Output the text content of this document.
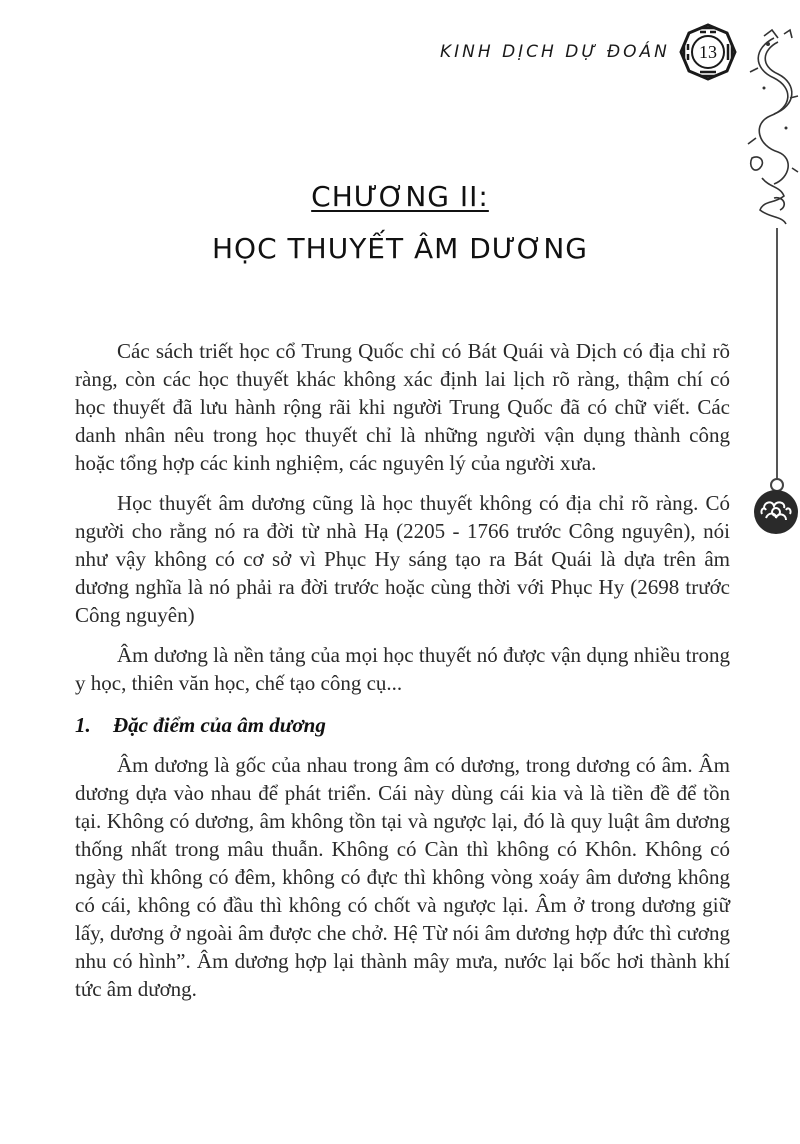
KINH DỊCH DỰ ĐOÁN	13
CHƯƠNG II:
HỌC THUYẾT ÂM DƯƠNG

Các sách triết học cổ Trung Quốc chỉ có Bát Quái và Dịch có địa chỉ rõ ràng, còn các học thuyết khác không xác định lai lịch rõ ràng, thậm chí có học thuyết đã lưu hành rộng rãi khi người Trung Quốc đã có chữ viết. Các danh nhân nêu trong học thuyết chỉ là những người vận dụng thành công hoặc tổng hợp các kinh nghiệm, các nguyên lý của người xưa.

Học thuyết âm dương cũng là học thuyết không có địa chỉ rõ ràng. Có người cho rằng nó ra đời từ nhà Hạ (2205 - 1766 trước Công nguyên), nói như vậy không có cơ sở vì Phục Hy sáng tạo ra Bát Quái là dựa trên âm dương nghĩa là nó phải ra đời trước hoặc cùng thời với Phục Hy (2698 trước Công nguyên)

Âm dương là nền tảng của mọi học thuyết nó được vận dụng nhiều trong y học, thiên văn học, chế tạo công cụ...

1. Đặc điểm của âm dương

Âm dương là gốc của nhau trong âm có dương, trong dương có âm. Âm dương dựa vào nhau để phát triển. Cái này dùng cái kia và là tiền đề để tồn tại. Không có dương, âm không tồn tại và ngược lại, đó là quy luật âm dương thống nhất trong mâu thuẫn. Không có Càn thì không có Khôn. Không có ngày thì không có đêm, không có đực thì không vòng xoáy âm dương không có cái, không có đầu thì không có chốt và ngược lại. Âm ở trong dương giữ lấy, dương ở ngoài âm được che chở. Hệ Từ nói âm dương hợp đức thì cương nhu có hình”. Âm dương hợp lại thành mây mưa, nước lại bốc hơi thành khí tức âm dương.
